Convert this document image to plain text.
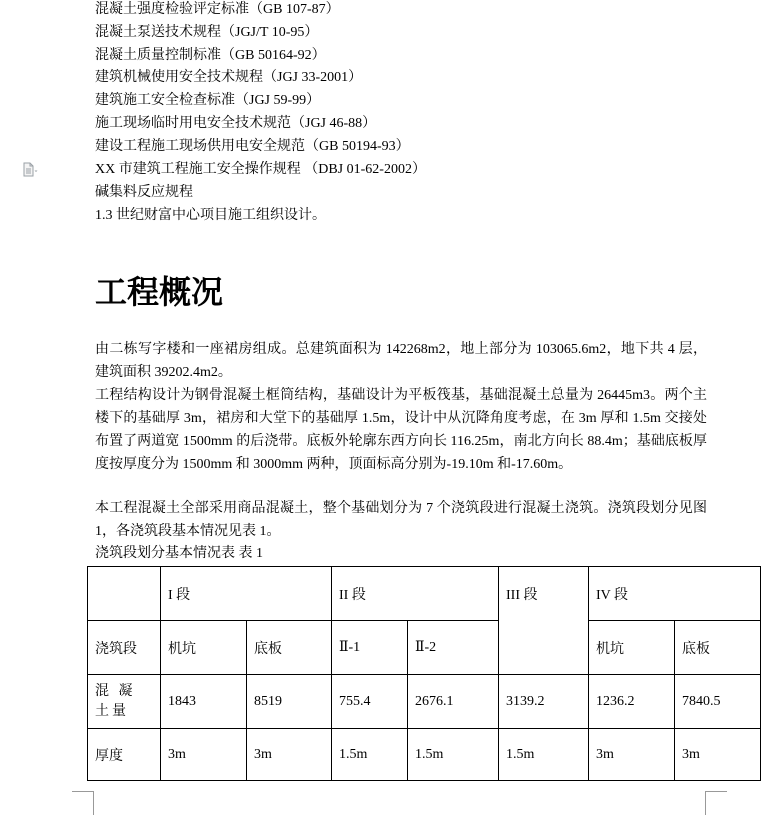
混凝土强度检验评定标准（GB 107-87）
混凝土泵送技术规程（JGJ/T 10-95）
混凝土质量控制标准（GB 50164-92）
建筑机械使用安全技术规程（JGJ 33-2001）
建筑施工安全检查标准（JGJ 59-99）
施工现场临时用电安全技术规范（JGJ 46-88）
建设工程施工现场供用电安全规范（GB 50194-93）
XX 市建筑工程施工安全操作规程 （DBJ 01-62-2002）
碱集料反应规程
1.3 世纪财富中心项目施工组织设计。
工程概况
由二栋写字楼和一座裙房组成。总建筑面积为 142268m2，地上部分为 103065.6m2，地下共 4 层，建筑面积 39202.4m2。
工程结构设计为钢骨混凝土框筒结构，基础设计为平板筏基，基础混凝土总量为 26445m3。两个主楼下的基础厚 3m，裙房和大堂下的基础厚 1.5m，设计中从沉降角度考虑，在 3m 厚和 1.5m 交接处布置了两道宽 1500mm 的后浇带。底板外轮廓东西方向长 116.25m，南北方向长 88.4m；基础底板厚度按厚度分为 1500mm 和 3000mm 两种，顶面标高分别为-19.10m 和-17.60m。
本工程混凝土全部采用商品混凝土，整个基础划分为 7 个浇筑段进行混凝土浇筑。浇筑段划分见图 1，各浇筑段基本情况见表 1。
浇筑段划分基本情况表 表 1
	I 段		II 段		III 段	IV 段	
浇筑段	机坑	底板	Ⅱ-1	Ⅱ-2		机坑	底板
混 凝 土量	1843	8519	755.4	2676.1	3139.2	1236.2	7840.5
厚度	3m	3m	1.5m	1.5m	1.5m	3m	3m
